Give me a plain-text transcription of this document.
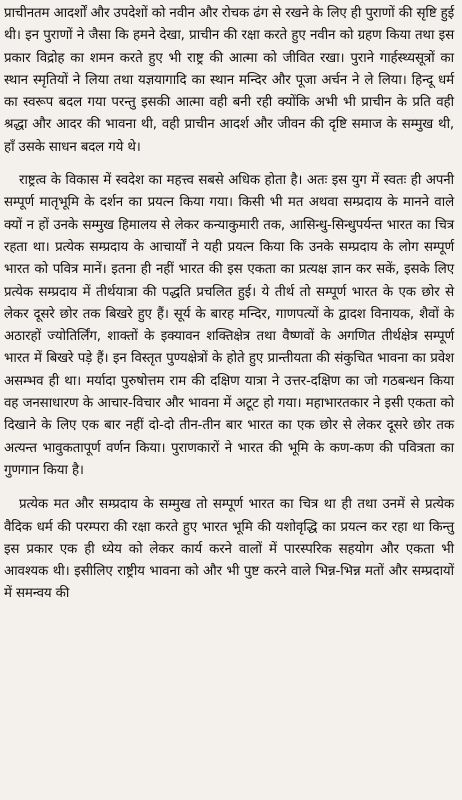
प्राचीनतम आदर्शों और उपदेशों को नवीन और रोचक ढंग से रखने के लिए ही पुराणों की सृष्टि हुई थी। इन पुराणों ने जैसा कि हमने देखा, प्राचीन की रक्षा करते हुए नवीन को ग्रहण किया तथा इस प्रकार विद्रोह का शमन करते हुए भी राष्ट्र की आत्मा को जीवित रखा। पुराने गार्हस्थ्यसूत्रों का स्थान स्मृतियों ने लिया तथा यज्ञयागादि का स्थान मन्दिर और पूजा अर्चन ने ले लिया। हिन्दू धर्म का स्वरूप बदल गया परन्तु इसकी आत्मा वही बनी रही क्योंकि अभी भी प्राचीन के प्रति वही श्रद्धा और आदर की भावना थी, वही प्राचीन आदर्श और जीवन की दृष्टि समाज के सम्मुख थी, हाँ उसके साधन बदल गये थे।

राष्ट्रत्व के विकास में स्वदेश का महत्त्व सबसे अधिक होता है। अतः इस युग में स्वतः ही अपनी सम्पूर्ण मातृभूमि के दर्शन का प्रयत्न किया गया। किसी भी मत अथवा सम्प्रदाय के मानने वाले क्यों न हों उनके सम्मुख हिमालय से लेकर कन्याकुमारी तक, आसिन्धु-सिन्धुपर्यन्त भारत का चित्र रहता था। प्रत्येक सम्प्रदाय के आचार्यों ने यही प्रयत्न किया कि उनके सम्प्रदाय के लोग सम्पूर्ण भारत को पवित्र मानें। इतना ही नहीं भारत की इस एकता का प्रत्यक्ष ज्ञान कर सकें, इसके लिए प्रत्येक सम्प्रदाय में तीर्थयात्रा की पद्धति प्रचलित हुई। ये तीर्थ तो सम्पूर्ण भारत के एक छोर से लेकर दूसरे छोर तक बिखरे हुए हैं। सूर्य के बारह मन्दिर, गाणपत्यों के द्वादश विनायक, शैवों के अठारहों ज्योतिर्लिंग, शाक्तों के इक्यावन शक्तिक्षेत्र तथा वैष्णवों के अगणित तीर्थक्षेत्र सम्पूर्ण भारत में बिखरे पड़े हैं। इन विस्तृत पुण्यक्षेत्रों के होते हुए प्रान्तीयता की संकुचित भावना का प्रवेश असम्भव ही था। मर्यादा पुरुषोत्तम राम की दक्षिण यात्रा ने उत्तर-दक्षिण का जो गठबन्धन किया वह जनसाधारण के आचार-विचार और भावना में अटूट हो गया। महाभारतकार ने इसी एकता को दिखाने के लिए एक बार नहीं दो-दो तीन-तीन बार भारत का एक छोर से लेकर दूसरे छोर तक अत्यन्त भावुकतापूर्ण वर्णन किया। पुराणकारों ने भारत की भूमि के कण-कण की पवित्रता का गुणगान किया है।

प्रत्येक मत और सम्प्रदाय के सम्मुख तो सम्पूर्ण भारत का चित्र था ही तथा उनमें से प्रत्येक वैदिक धर्म की परम्परा की रक्षा करते हुए भारत भूमि की यशोवृद्धि का प्रयत्न कर रहा था किन्तु इस प्रकार एक ही ध्येय को लेकर कार्य करने वालों में पारस्परिक सहयोग और एकता भी आवश्यक थी। इसीलिए राष्ट्रीय भावना को और भी पुष्ट करने वाले भिन्न-भिन्न मतों और सम्प्रदायों में समन्वय की
